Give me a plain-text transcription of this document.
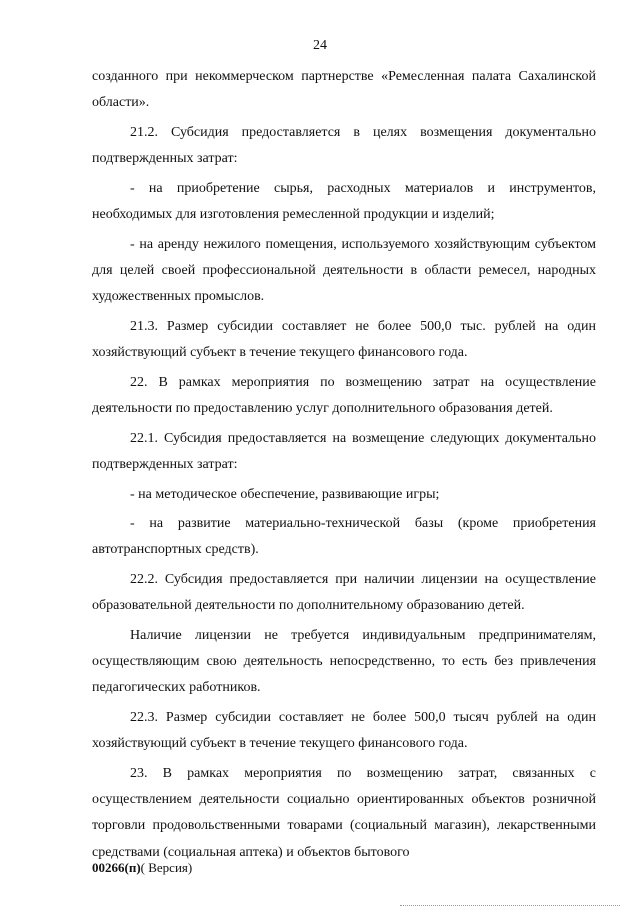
24

созданного при некоммерческом партнерстве «Ремесленная палата Сахалинской области».

21.2. Субсидия предоставляется в целях возмещения документально подтвержденных затрат:

- на приобретение сырья, расходных материалов и инструментов, необходимых для изготовления ремесленной продукции и изделий;

- на аренду нежилого помещения, используемого хозяйствующим субъектом для целей своей профессиональной деятельности в области ремесел, народных художественных промыслов.

21.3. Размер субсидии составляет не более 500,0 тыс. рублей на один хозяйствующий субъект в течение текущего финансового года.

22. В рамках мероприятия по возмещению затрат на осуществление деятельности по предоставлению услуг дополнительного образования детей.

22.1. Субсидия предоставляется на возмещение следующих документально подтвержденных затрат:

- на методическое обеспечение, развивающие игры;

- на развитие материально-технической базы (кроме приобретения автотранспортных средств).

22.2. Субсидия предоставляется при наличии лицензии на осуществление образовательной деятельности по дополнительному образованию детей.

Наличие лицензии не требуется индивидуальным предпринимателям, осуществляющим свою деятельность непосредственно, то есть без привлечения педагогических работников.

22.3. Размер субсидии составляет не более 500,0 тысяч рублей на один хозяйствующий субъект в течение текущего финансового года.

23. В рамках мероприятия по возмещению затрат, связанных с осуществлением деятельности социально ориентированных объектов розничной торговли продовольственными товарами (социальный магазин), лекарственными средствами (социальная аптека) и объектов бытового

00266(п)( Версия)
